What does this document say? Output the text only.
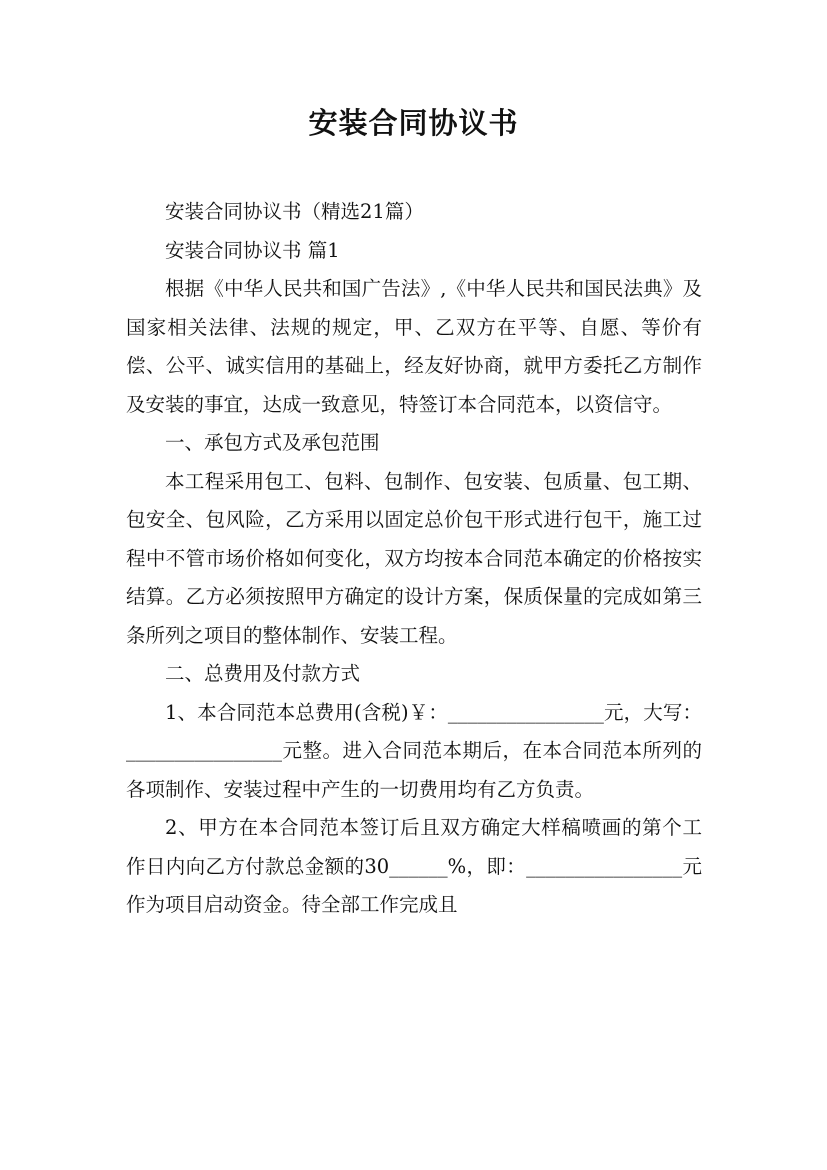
安装合同协议书

安装合同协议书（精选21篇）

安装合同协议书 篇1

根据《中华人民共和国广告法》,《中华人民共和国民法典》及国家相关法律、法规的规定，甲、乙双方在平等、自愿、等价有偿、公平、诚实信用的基础上，经友好协商，就甲方委托乙方制作及安装的事宜，达成一致意见，特签订本合同范本，以资信守。

一、承包方式及承包范围

本工程采用包工、包料、包制作、包安装、包质量、包工期、包安全、包风险，乙方采用以固定总价包干形式进行包干，施工过程中不管市场价格如何变化，双方均按本合同范本确定的价格按实结算。乙方必须按照甲方确定的设计方案，保质保量的完成如第三条所列之项目的整体制作、安装工程。

二、总费用及付款方式

1、本合同范本总费用(含税)￥：________________元，大写：________________元整。进入合同范本期后，在本合同范本所列的各项制作、安装过程中产生的一切费用均有乙方负责。

2、甲方在本合同范本签订后且双方确定大样稿喷画的第个工作日内向乙方付款总金额的30______%，即：________________元作为项目启动资金。待全部工作完成且
